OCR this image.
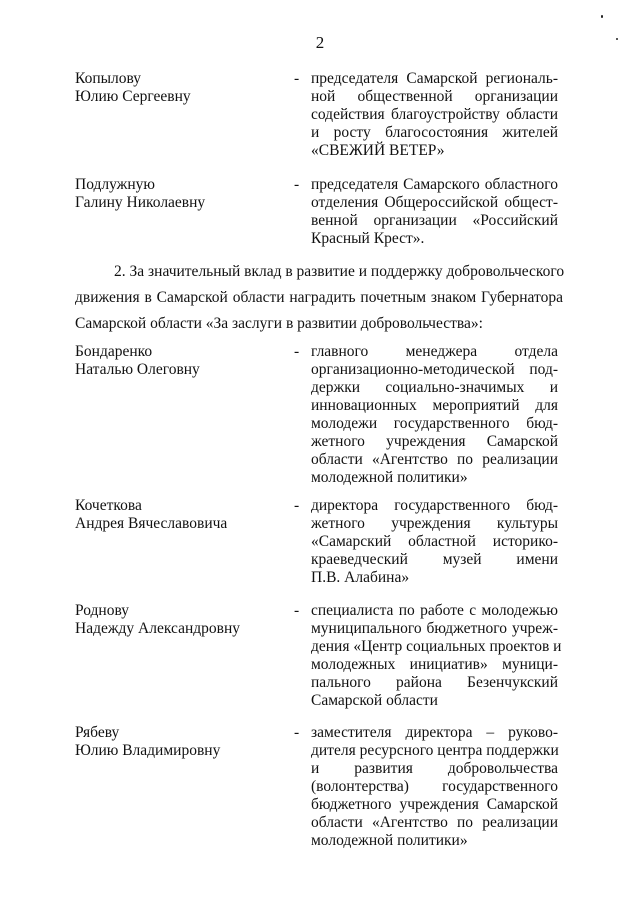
2
Копылову
Юлию Сергеевну
- председателя Самарской региональ-
ной общественной организации
содействия благоустройству области
и росту благосостояния жителей
«СВЕЖИЙ ВЕТЕР»
Подлужную
Галину Николаевну
- председателя Самарского областного
отделения Общероссийской общест-
венной организации «Российский
Красный Крест».
2. За значительный вклад в развитие и поддержку добровольческого
движения в Самарской области наградить почетным знаком Губернатора
Самарской области «За заслуги в развитии добровольчества»:
Бондаренко
Наталью Олеговну
- главного менеджера отдела
организационно-методической под-
держки социально-значимых и
инновационных мероприятий для
молодежи государственного бюд-
жетного учреждения Самарской
области «Агентство по реализации
молодежной политики»
Кочеткова
Андрея Вячеславовича
- директора государственного бюд-
жетного учреждения культуры
«Самарский областной историко-
краеведческий музей имени
П.В. Алабина»
Роднову
Надежду Александровну
- специалиста по работе с молодежью
муниципального бюджетного учреж-
дения «Центр социальных проектов и
молодежных инициатив» муници-
пального района Безенчукский
Самарской области
Рябеву
Юлию Владимировну
- заместителя директора – руково-
дителя ресурсного центра поддержки
и развития добровольчества
(волонтерства) государственного
бюджетного учреждения Самарской
области «Агентство по реализации
молодежной политики»
